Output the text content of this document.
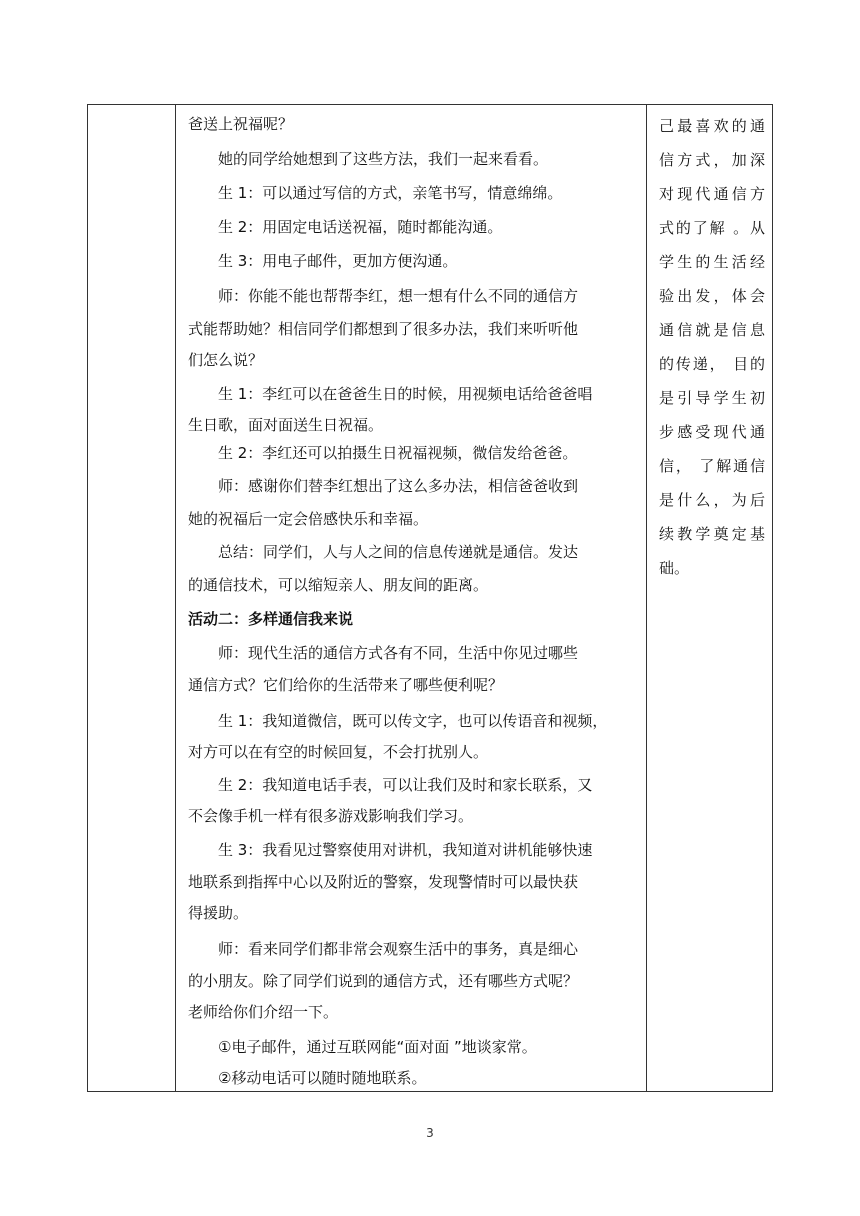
爸送上祝福呢？
她的同学给她想到了这些方法，我们一起来看看。
生 1：可以通过写信的方式，亲笔书写，情意绵绵。
生 2：用固定电话送祝福，随时都能沟通。
生 3：用电子邮件，更加方便沟通。
师：你能不能也帮帮李红，想一想有什么不同的通信方
式能帮助她？相信同学们都想到了很多办法，我们来听听他
们怎么说？
生 1：李红可以在爸爸生日的时候，用视频电话给爸爸唱
生日歌，面对面送生日祝福。
生 2：李红还可以拍摄生日祝福视频，微信发给爸爸。
师：感谢你们替李红想出了这么多办法，相信爸爸收到
她的祝福后一定会倍感快乐和幸福。
总结：同学们，人与人之间的信息传递就是通信。发达
的通信技术，可以缩短亲人、朋友间的距离。
活动二：多样通信我来说
师：现代生活的通信方式各有不同，生活中你见过哪些
通信方式？它们给你的生活带来了哪些便利呢？
生 1：我知道微信，既可以传文字，也可以传语音和视频，
对方可以在有空的时候回复，不会打扰别人。
生 2：我知道电话手表，可以让我们及时和家长联系，又
不会像手机一样有很多游戏影响我们学习。
生 3：我看见过警察使用对讲机，我知道对讲机能够快速
地联系到指挥中心以及附近的警察，发现警情时可以最快获
得援助。
师：看来同学们都非常会观察生活中的事务，真是细心
的小朋友。除了同学们说到的通信方式，还有哪些方式呢？
老师给你们介绍一下。
①电子邮件，通过互联网能“面对面 ”地谈家常。
②移动电话可以随时随地联系。
己最喜欢的通
信方式，加深
对现代通信方
式的了解 。从
学生的生活经
验出发，体会
通信就是信息
的传递， 目的
是引导学生初
步感受现代通
信， 了解通信
是什么，为后
续教学奠定基
础。
3
